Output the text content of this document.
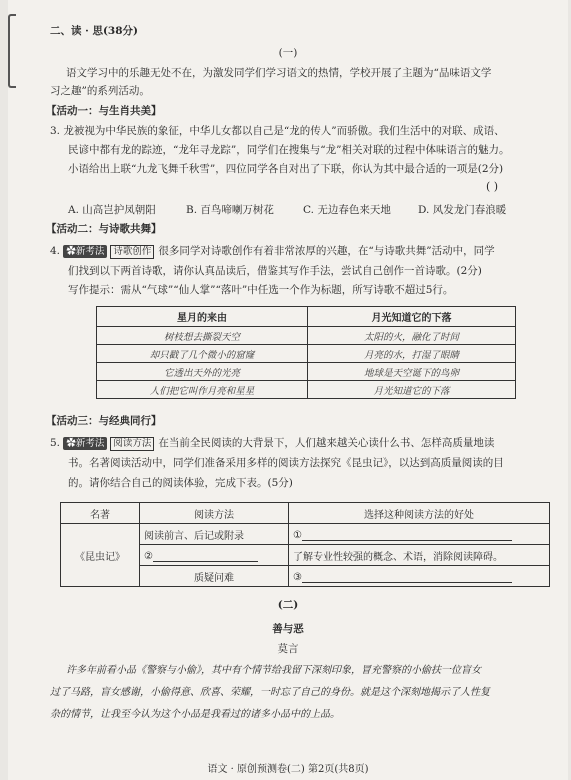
二、读 · 思(38分)
(一)
语文学习中的乐趣无处不在，为激发同学们学习语文的热情，学校开展了主题为“品味语文学
习之趣”的系列活动。
【活动一：与生肖共美】
3. 龙被视为中华民族的象征，中华儿女都以自己是“龙的传人”而骄傲。我们生活中的对联、成语、
民谚中都有龙的踪迹，“龙年寻龙踪”，同学们在搜集与“龙”相关对联的过程中体味语言的魅力。
小语给出上联“九龙飞舞千秋雪”，四位同学各自对出了下联，你认为其中最合适的一项是(2分)
( )
A. 山高岂护凤朝阳	B. 百鸟啼喇万树花	C. 无边春色来天地	D. 风发龙门春浪暖
【活动二：与诗歌共舞】
4. ✿新考法 诗歌创作 很多同学对诗歌创作有着非常浓厚的兴趣，在“与诗歌共舞”活动中，同学
们找到以下两首诗歌，请你认真品读后，借鉴其写作手法，尝试自己创作一首诗歌。(2分)
写作提示：需从“气球”“仙人掌”“落叶”中任选一个作为标题，所写诗歌不超过5行。
星月的来由	月光知道它的下落
树枝想去撕裂天空	太阳的火，融化了时间
却只戳了几个微小的窟窿	月亮的水，打湿了眼睛
它透出天外的光亮	地球是天空诞下的鸟卵
人们把它叫作月亮和星星	月光知道它的下落
【活动三：与经典同行】
5. ✿新考法 阅读方法 在当前全民阅读的大背景下，人们越来越关心读什么书、怎样高质量地读
书。名著阅读活动中，同学们准备采用多样的阅读方法探究《昆虫记》，以达到高质量阅读的目
的。请你结合自己的阅读体验，完成下表。(5分)
名著	阅读方法	选择这种阅读方法的好处
《昆虫记》	阅读前言、后记或附录	①
	②	了解专业性较强的概念、术语，消除阅读障碍。
	质疑问难	③
(二)
善与恶
莫言
许多年前看小品《警察与小偷》，其中有个情节给我留下深刻印象，冒充警察的小偷扶一位盲女
过了马路，盲女感谢，小偷得意、欣喜、荣耀，一时忘了自己的身份。就是这个深刻地揭示了人性复
杂的情节，让我至今认为这个小品是我看过的诸多小品中的上品。
语文 · 原创预测卷(二) 第2页(共8页)
